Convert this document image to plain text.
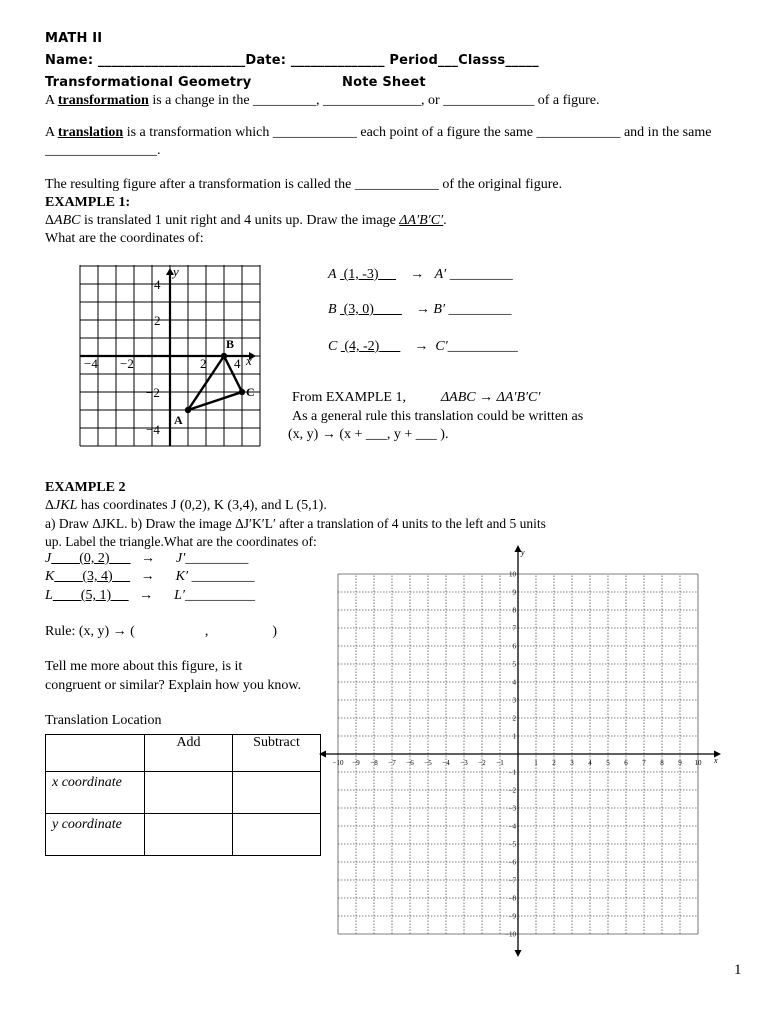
MATH II
Name: ______________________Date: ______________ Period___Classs_____
Transformational Geometry	Note Sheet
A transformation is a change in the _________, ______________, or _____________ of a figure.
A translation is a transformation which ____________ each point of a figure the same ____________ and in the same
________________.
The resulting figure after a transformation is called the ____________ of the original figure.
EXAMPLE 1:
ΔABC is translated 1 unit right and 4 units up. Draw the image ΔA′B′C′.
What are the coordinates of:
y
x
4
2
−2
−4
−4 −2	2 4
A
B
C
A (1, -3) → A′ _________
B (3, 0)	→ B′ _________
C (4, -2)	→ C′__________
From EXAMPLE 1,	ΔABC → ΔA′B′C′
As a general rule this translation could be written as
(x, y) → (x + ___, y + ___ ).
EXAMPLE 2
ΔJKL has coordinates J (0,2), K (3,4), and L (5,1).
a) Draw ΔJKL. b) Draw the image ΔJ′K′L′ after a translation of 4 units to the left and 5 units
up. Label the triangle.What are the coordinates of:
J (0, 2) → J′_________
K (3, 4) → K′ _________
L (5, 1) → L′__________
Rule: (x, y) → (	,	)
Tell me more about this figure, is it
congruent or similar? Explain how you know.
Translation Location
	Add	Subtract
x coordinate		
y coordinate		
−10 −9 −8 −7 −6 −5 −4 −3 −2 −1	1 2 3 4 5 6 7 8 9 10
−10
−9
−8
−7
−6
−5
−4
−3
−2
−1
1
2
3
4
5
6
7
8
9
10
x
y
1
